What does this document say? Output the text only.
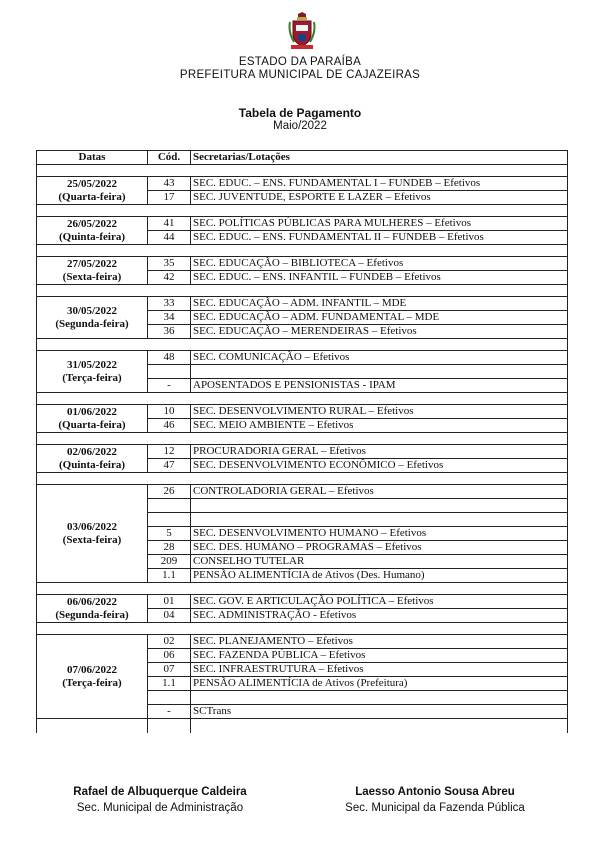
ESTADO DA PARAÍBA
PREFEITURA MUNICIPAL DE CAJAZEIRAS
Tabela de Pagamento
Maio/2022
Datas	Cód.	Secretarias/Lotações

25/05/2022
(Quarta-feira)	43	SEC. EDUC. – ENS. FUNDAMENTAL I – FUNDEB – Efetivos
	17	SEC. JUVENTUDE, ESPORTE E LAZER – Efetivos

26/05/2022
(Quinta-feira)	41	SEC. POLÍTICAS PÚBLICAS PARA MULHERES – Efetivos
	44	SEC. EDUC. – ENS. FUNDAMENTAL II – FUNDEB – Efetivos

27/05/2022
(Sexta-feira)	35	SEC. EDUCAÇÃO – BIBLIOTECA – Efetivos
	42	SEC. EDUC. – ENS. INFANTIL – FUNDEB – Efetivos

30/05/2022
(Segunda-feira)	33	SEC. EDUCAÇÃO – ADM. INFANTIL – MDE
	34	SEC. EDUCAÇÃO – ADM. FUNDAMENTAL – MDE
	36	SEC. EDUCAÇÃO – MERENDEIRAS – Efetivos

31/05/2022
(Terça-feira)	48	SEC. COMUNICAÇÃO – Efetivos

	-	APOSENTADOS E PENSIONISTAS - IPAM

01/06/2022
(Quarta-feira)	10	SEC. DESENVOLVIMENTO RURAL – Efetivos
	46	SEC. MEIO AMBIENTE – Efetivos

02/06/2022
(Quinta-feira)	12	PROCURADORIA GERAL – Efetivos
	47	SEC. DESENVOLVIMENTO ECONÔMICO – Efetivos

03/06/2022
(Sexta-feira)	26	CONTROLADORIA GERAL – Efetivos

	5	SEC. DESENVOLVIMENTO HUMANO – Efetivos
	28	SEC. DES. HUMANO – PROGRAMAS – Efetivos
	209	CONSELHO TUTELAR
	1.1	PENSÃO ALIMENTÍCIA de Ativos (Des. Humano)

06/06/2022
(Segunda-feira)	01	SEC. GOV. E ARTICULAÇÃO POLÍTICA – Efetivos
	04	SEC. ADMINISTRAÇÃO - Efetivos

07/06/2022
(Terça-feira)	02	SEC. PLANEJAMENTO – Efetivos
	06	SEC. FAZENDA PÚBLICA – Efetivos
	07	SEC. INFRAESTRUTURA – Efetivos
	1.1	PENSÃO ALIMENTÍCIA de Ativos (Prefeitura)

	-	SCTrans

Rafael de Albuquerque Caldeira
Sec. Municipal de Administração
Laesso Antonio Sousa Abreu
Sec. Municipal da Fazenda Pública
